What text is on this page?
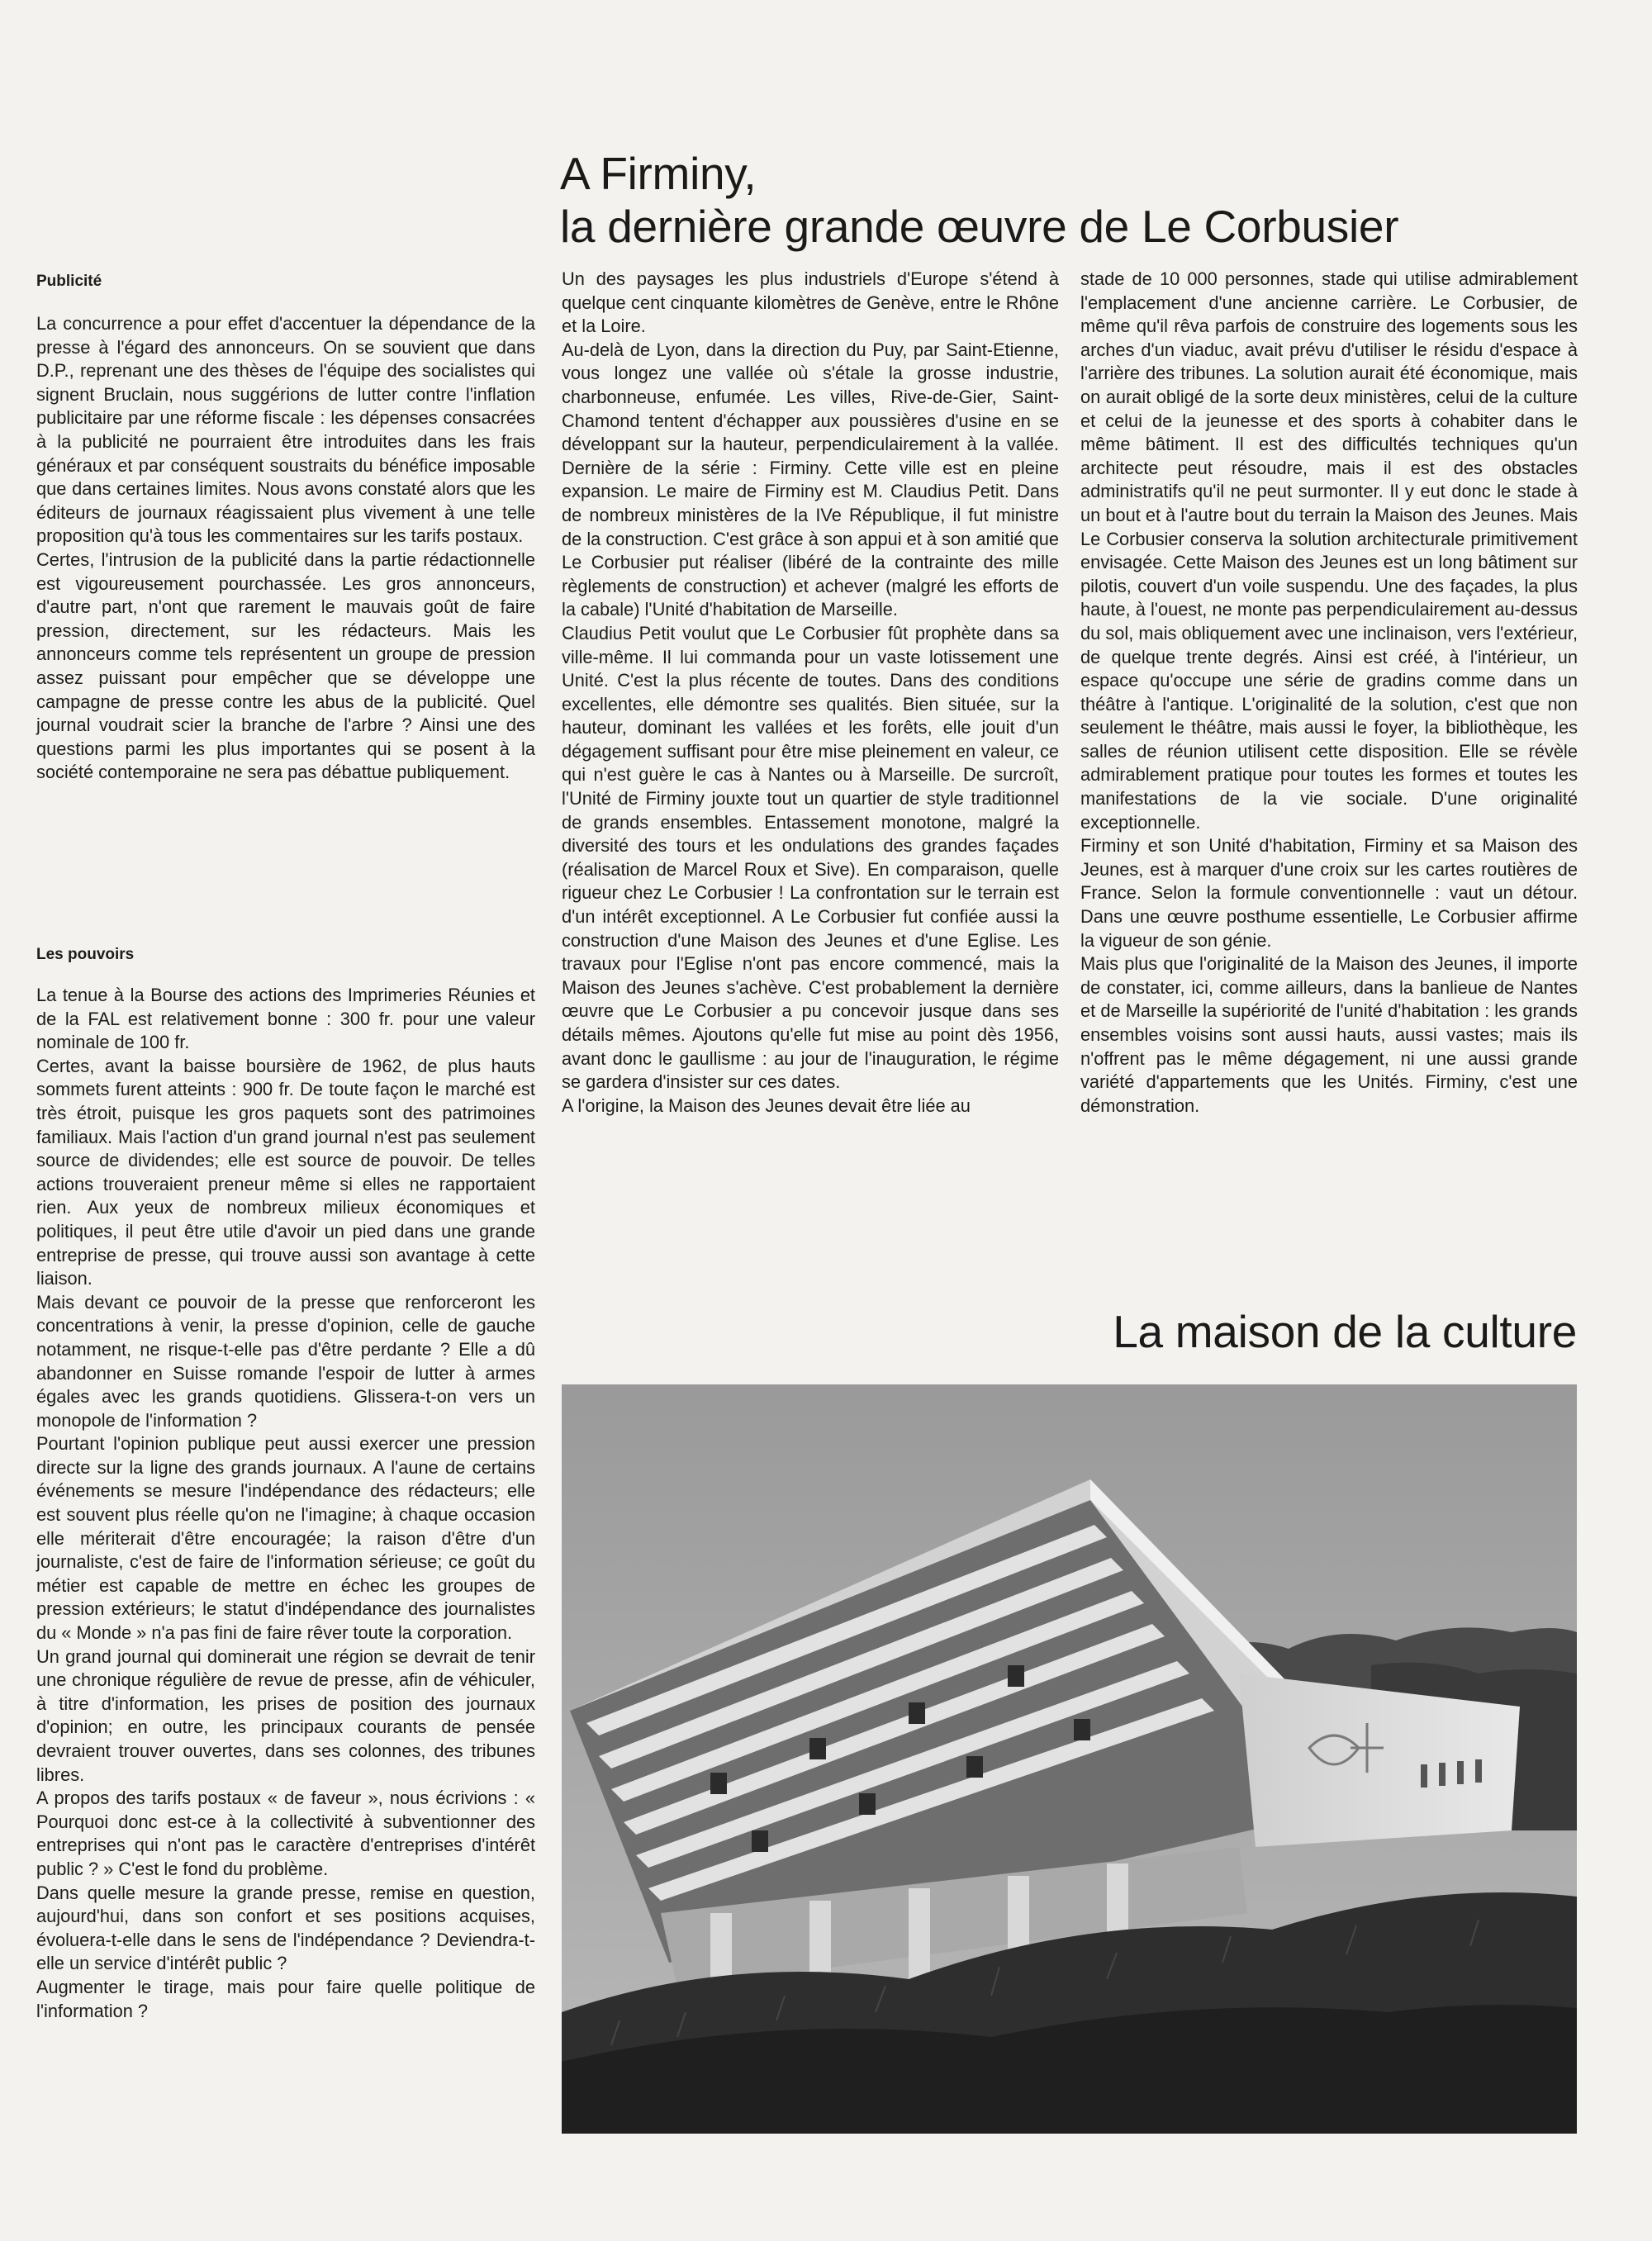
Publicité

La concurrence a pour effet d'accentuer la dépendance de la presse à l'égard des annonceurs. On se souvient que dans D.P., reprenant une des thèses de l'équipe des socialistes qui signent Bruclain, nous suggérions de lutter contre l'inflation publicitaire par une réforme fiscale : les dépenses consacrées à la publicité ne pourraient être introduites dans les frais généraux et par conséquent soustraits du bénéfice imposable que dans certaines limites. Nous avons constaté alors que les éditeurs de journaux réagissaient plus vivement à une telle proposition qu'à tous les commentaires sur les tarifs postaux.

Certes, l'intrusion de la publicité dans la partie rédactionnelle est vigoureusement pourchassée. Les gros annonceurs, d'autre part, n'ont que rarement le mauvais goût de faire pression, directement, sur les rédacteurs. Mais les annonceurs comme tels représentent un groupe de pression assez puissant pour empêcher que se développe une campagne de presse contre les abus de la publicité. Quel journal voudrait scier la branche de l'arbre ? Ainsi une des questions parmi les plus importantes qui se posent à la société contemporaine ne sera pas débattue publiquement.

Les pouvoirs

La tenue à la Bourse des actions des Imprimeries Réunies et de la FAL est relativement bonne : 300 fr. pour une valeur nominale de 100 fr.

Certes, avant la baisse boursière de 1962, de plus hauts sommets furent atteints : 900 fr. De toute façon le marché est très étroit, puisque les gros paquets sont des patrimoines familiaux. Mais l'action d'un grand journal n'est pas seulement source de dividendes; elle est source de pouvoir. De telles actions trouveraient preneur même si elles ne rapportaient rien. Aux yeux de nombreux milieux économiques et politiques, il peut être utile d'avoir un pied dans une grande entreprise de presse, qui trouve aussi son avantage à cette liaison.

Mais devant ce pouvoir de la presse que renforceront les concentrations à venir, la presse d'opinion, celle de gauche notamment, ne risque-t-elle pas d'être perdante ? Elle a dû abandonner en Suisse romande l'espoir de lutter à armes égales avec les grands quotidiens. Glissera-t-on vers un monopole de l'information ?

Pourtant l'opinion publique peut aussi exercer une pression directe sur la ligne des grands journaux. A l'aune de certains événements se mesure l'indépendance des rédacteurs; elle est souvent plus réelle qu'on ne l'imagine; à chaque occasion elle mériterait d'être encouragée; la raison d'être d'un journaliste, c'est de faire de l'information sérieuse; ce goût du métier est capable de mettre en échec les groupes de pression extérieurs; le statut d'indépendance des journalistes du « Monde » n'a pas fini de faire rêver toute la corporation.

Un grand journal qui dominerait une région se devrait de tenir une chronique régulière de revue de presse, afin de véhiculer, à titre d'information, les prises de position des journaux d'opinion; en outre, les principaux courants de pensée devraient trouver ouvertes, dans ses colonnes, des tribunes libres.

A propos des tarifs postaux « de faveur », nous écrivions : « Pourquoi donc est-ce à la collectivité à subventionner des entreprises qui n'ont pas le caractère d'entreprises d'intérêt public ? » C'est le fond du problème.

Dans quelle mesure la grande presse, remise en question, aujourd'hui, dans son confort et ses positions acquises, évoluera-t-elle dans le sens de l'indépendance ? Deviendra-t-elle un service d'intérêt public ?

Augmenter le tirage, mais pour faire quelle politique de l'information ?

A Firminy,
la dernière grande œuvre de Le Corbusier

Un des paysages les plus industriels d'Europe s'étend à quelque cent cinquante kilomètres de Genève, entre le Rhône et la Loire.

Au-delà de Lyon, dans la direction du Puy, par Saint-Etienne, vous longez une vallée où s'étale la grosse industrie, charbonneuse, enfumée. Les villes, Rive-de-Gier, Saint-Chamond tentent d'échapper aux poussières d'usine en se développant sur la hauteur, perpendiculairement à la vallée. Dernière de la série : Firminy. Cette ville est en pleine expansion. Le maire de Firminy est M. Claudius Petit. Dans de nombreux ministères de la IVe République, il fut ministre de la construction. C'est grâce à son appui et à son amitié que Le Corbusier put réaliser (libéré de la contrainte des mille règlements de construction) et achever (malgré les efforts de la cabale) l'Unité d'habitation de Marseille.

Claudius Petit voulut que Le Corbusier fût prophète dans sa ville-même. Il lui commanda pour un vaste lotissement une Unité. C'est la plus récente de toutes. Dans des conditions excellentes, elle démontre ses qualités. Bien située, sur la hauteur, dominant les vallées et les forêts, elle jouit d'un dégagement suffisant pour être mise pleinement en valeur, ce qui n'est guère le cas à Nantes ou à Marseille. De surcroît, l'Unité de Firminy jouxte tout un quartier de style traditionnel de grands ensembles. Entassement monotone, malgré la diversité des tours et les ondulations des grandes façades (réalisation de Marcel Roux et Sive). En comparaison, quelle rigueur chez Le Corbusier ! La confrontation sur le terrain est d'un intérêt exceptionnel. A Le Corbusier fut confiée aussi la construction d'une Maison des Jeunes et d'une Eglise. Les travaux pour l'Eglise n'ont pas encore commencé, mais la Maison des Jeunes s'achève. C'est probablement la dernière œuvre que Le Corbusier a pu concevoir jusque dans ses détails mêmes. Ajoutons qu'elle fut mise au point dès 1956, avant donc le gaullisme : au jour de l'inauguration, le régime se gardera d'insister sur ces dates.

A l'origine, la Maison des Jeunes devait être liée au

stade de 10 000 personnes, stade qui utilise admirablement l'emplacement d'une ancienne carrière. Le Corbusier, de même qu'il rêva parfois de construire des logements sous les arches d'un viaduc, avait prévu d'utiliser le résidu d'espace à l'arrière des tribunes. La solution aurait été économique, mais on aurait obligé de la sorte deux ministères, celui de la culture et celui de la jeunesse et des sports à cohabiter dans le même bâtiment. Il est des difficultés techniques qu'un architecte peut résoudre, mais il est des obstacles administratifs qu'il ne peut surmonter. Il y eut donc le stade à un bout et à l'autre bout du terrain la Maison des Jeunes. Mais Le Corbusier conserva la solution architecturale primitivement envisagée. Cette Maison des Jeunes est un long bâtiment sur pilotis, couvert d'un voile suspendu. Une des façades, la plus haute, à l'ouest, ne monte pas perpendiculairement au-dessus du sol, mais obliquement avec une inclinaison, vers l'extérieur, de quelque trente degrés. Ainsi est créé, à l'intérieur, un espace qu'occupe une série de gradins comme dans un théâtre à l'antique. L'originalité de la solution, c'est que non seulement le théâtre, mais aussi le foyer, la bibliothèque, les salles de réunion utilisent cette disposition. Elle se révèle admirablement pratique pour toutes les formes et toutes les manifestations de la vie sociale. D'une originalité exceptionnelle.

Firminy et son Unité d'habitation, Firminy et sa Maison des Jeunes, est à marquer d'une croix sur les cartes routières de France. Selon la formule conventionnelle : vaut un détour. Dans une œuvre posthume essentielle, Le Corbusier affirme la vigueur de son génie.

Mais plus que l'originalité de la Maison des Jeunes, il importe de constater, ici, comme ailleurs, dans la banlieue de Nantes et de Marseille la supériorité de l'unité d'habitation : les grands ensembles voisins sont aussi hauts, aussi vastes; mais ils n'offrent pas le même dégagement, ni une aussi grande variété d'appartements que les Unités. Firminy, c'est une démonstration.

La maison de la culture
